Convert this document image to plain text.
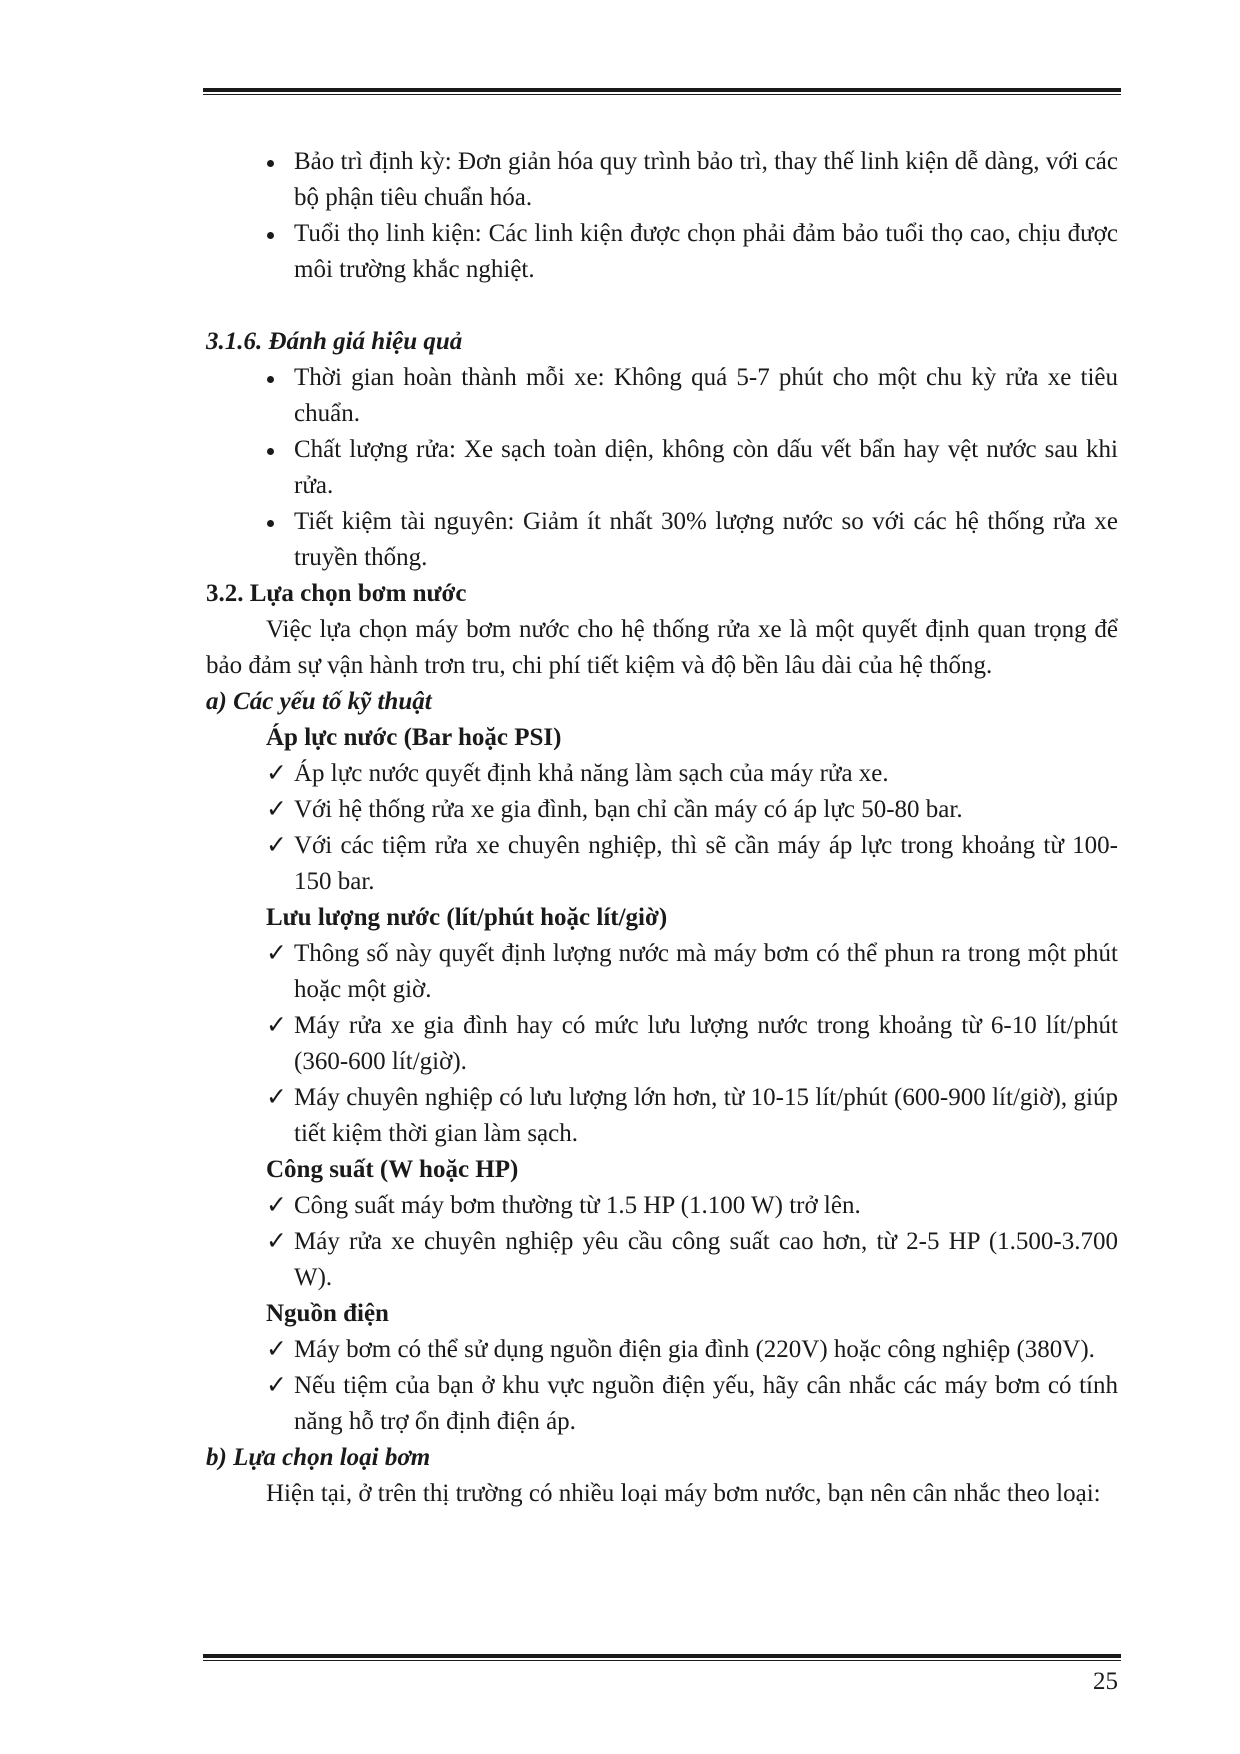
Bảo trì định kỳ: Đơn giản hóa quy trình bảo trì, thay thế linh kiện dễ dàng, với các bộ phận tiêu chuẩn hóa.
Tuổi thọ linh kiện: Các linh kiện được chọn phải đảm bảo tuổi thọ cao, chịu được môi trường khắc nghiệt.

3.1.6. Đánh giá hiệu quả

Thời gian hoàn thành mỗi xe: Không quá 5-7 phút cho một chu kỳ rửa xe tiêu chuẩn.
Chất lượng rửa: Xe sạch toàn diện, không còn dấu vết bẩn hay vệt nước sau khi rửa.
Tiết kiệm tài nguyên: Giảm ít nhất 30% lượng nước so với các hệ thống rửa xe truyền thống.

3.2. Lựa chọn bơm nước

Việc lựa chọn máy bơm nước cho hệ thống rửa xe là một quyết định quan trọng để bảo đảm sự vận hành trơn tru, chi phí tiết kiệm và độ bền lâu dài của hệ thống.

a) Các yếu tố kỹ thuật

Áp lực nước (Bar hoặc PSI)

✓ Áp lực nước quyết định khả năng làm sạch của máy rửa xe.
✓ Với hệ thống rửa xe gia đình, bạn chỉ cần máy có áp lực 50-80 bar.
✓ Với các tiệm rửa xe chuyên nghiệp, thì sẽ cần máy áp lực trong khoảng từ 100-150 bar.

Lưu lượng nước (lít/phút hoặc lít/giờ)

✓ Thông số này quyết định lượng nước mà máy bơm có thể phun ra trong một phút hoặc một giờ.
✓ Máy rửa xe gia đình hay có mức lưu lượng nước trong khoảng từ 6-10 lít/phút (360-600 lít/giờ).
✓ Máy chuyên nghiệp có lưu lượng lớn hơn, từ 10-15 lít/phút (600-900 lít/giờ), giúp tiết kiệm thời gian làm sạch.

Công suất (W hoặc HP)

✓ Công suất máy bơm thường từ 1.5 HP (1.100 W) trở lên.
✓ Máy rửa xe chuyên nghiệp yêu cầu công suất cao hơn, từ 2-5 HP (1.500-3.700 W).

Nguồn điện

✓ Máy bơm có thể sử dụng nguồn điện gia đình (220V) hoặc công nghiệp (380V).
✓ Nếu tiệm của bạn ở khu vực nguồn điện yếu, hãy cân nhắc các máy bơm có tính năng hỗ trợ ổn định điện áp.

b) Lựa chọn loại bơm

Hiện tại, ở trên thị trường có nhiều loại máy bơm nước, bạn nên cân nhắc theo loại:

25
